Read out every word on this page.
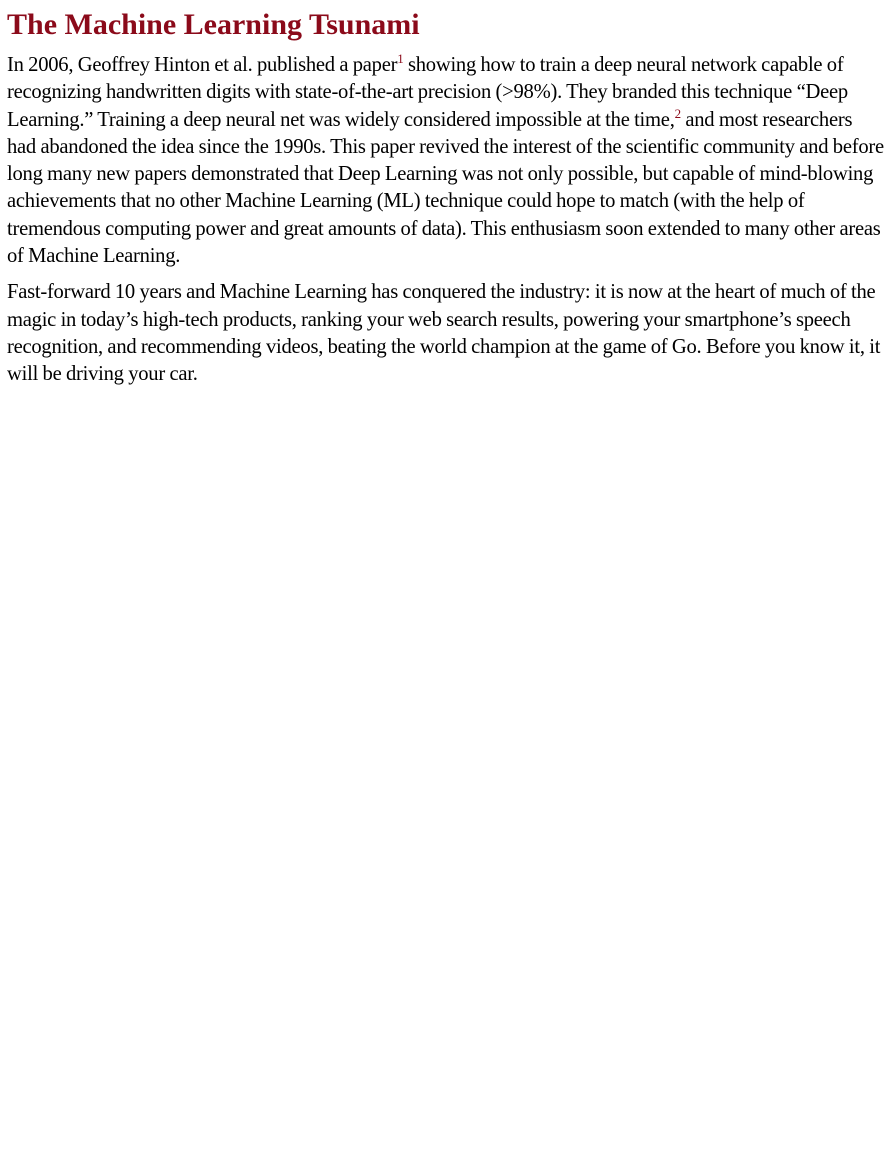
The Machine Learning Tsunami

In 2006, Geoffrey Hinton et al. published a paper$^1$ showing how to train a deep neural network capable of recognizing handwritten digits with state-of-the-art precision (>98%). They branded this technique “Deep Learning.” Training a deep neural net was widely considered impossible at the time,$^2$ and most researchers had abandoned the idea since the 1990s. This paper revived the interest of the scientific community and before long many new papers demonstrated that Deep Learning was not only possible, but capable of mind-blowing achievements that no other Machine Learning (ML) technique could hope to match (with the help of tremendous computing power and great amounts of data). This enthusiasm soon extended to many other areas of Machine Learning.

Fast-forward 10 years and Machine Learning has conquered the industry: it is now at the heart of much of the magic in today’s high-tech products, ranking your web search results, powering your smartphone’s speech recognition, and recommending videos, beating the world champion at the game of Go. Before you know it, it will be driving your car.
